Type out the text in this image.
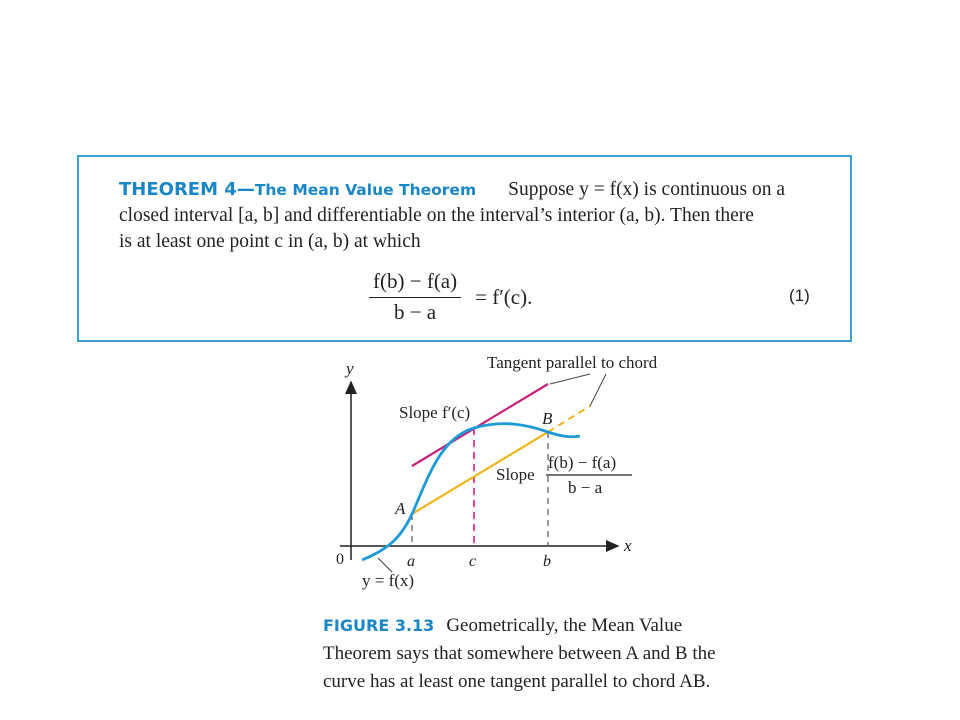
THEOREM 4—The Mean Value Theorem Suppose y = f(x) is continuous on a
closed interval [a, b] and differentiable on the interval’s interior (a, b). Then there
is at least one point c in (a, b) at which
$\frac{f(b) - f(a)}{b - a} = f'(c)$.	(1)
y
x
0	a	c	b
A
B
Tangent parallel to chord
Slope f′(c)
Slope
f(b) − f(a)
b − a
y = f(x)
FIGURE 3.13 Geometrically, the Mean Value Theorem says that somewhere between A and B the curve has at least one tangent parallel to chord AB.
